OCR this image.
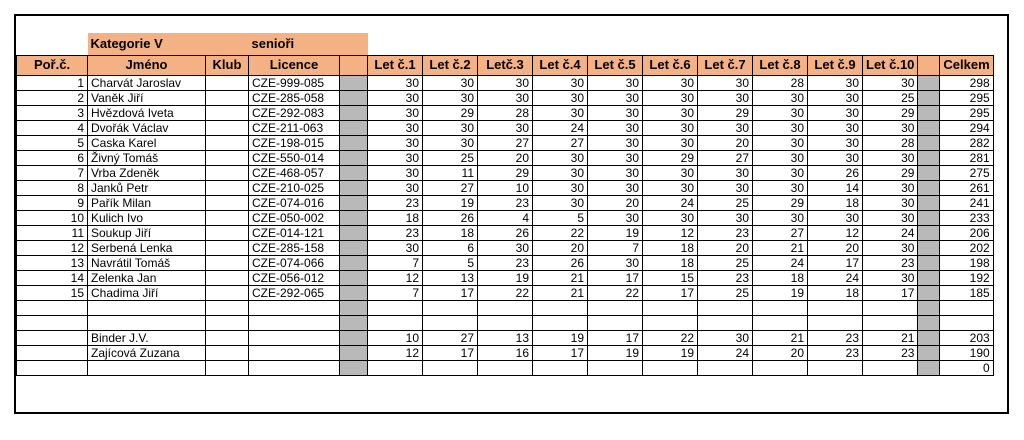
	Kategorie V		senioři													
Poř.č.	Jméno	Klub	Licence		Let č.1	Let č.2	Letč.3	Let č.4	Let č.5	Let č.6	Let č.7	Let č.8	Let č.9	Let č.10		Celkem
1	Charvát Jaroslav		CZE-999-085		30	30	30	30	30	30	30	28	30	30		298
2	Vaněk Jiří		CZE-285-058		30	30	30	30	30	30	30	30	30	25		295
3	Hvězdová Iveta		CZE-292-083		30	29	28	30	30	30	29	30	30	29		295
4	Dvořák Václav		CZE-211-063		30	30	30	24	30	30	30	30	30	30		294
5	Caska Karel		CZE-198-015		30	30	27	27	30	30	20	30	30	28		282
6	Živný Tomáš		CZE-550-014		30	25	20	30	30	29	27	30	30	30		281
7	Vrba Zdeněk		CZE-468-057		30	11	29	30	30	30	30	30	26	29		275
8	Janků Petr		CZE-210-025		30	27	10	30	30	30	30	30	14	30		261
9	Pařík Milan		CZE-074-016		23	19	23	30	20	24	25	29	18	30		241
10	Kulich Ivo		CZE-050-002		18	26	4	5	30	30	30	30	30	30		233
11	Soukup Jiří		CZE-014-121		23	18	26	22	19	12	23	27	12	24		206
12	Serbená Lenka		CZE-285-158		30	6	30	20	7	18	20	21	20	30		202
13	Navrátil Tomáš		CZE-074-066		7	5	23	26	30	18	25	24	17	23		198
14	Zelenka Jan		CZE-056-012		12	13	19	21	17	15	23	18	24	30		192
15	Chadima Jiří		CZE-292-065		7	17	22	21	22	17	25	19	18	17		185

	Binder J.V.				10	27	13	19	17	22	30	21	23	21		203
	Zajícová Zuzana				12	17	16	17	19	19	24	20	23	23		190
																0
